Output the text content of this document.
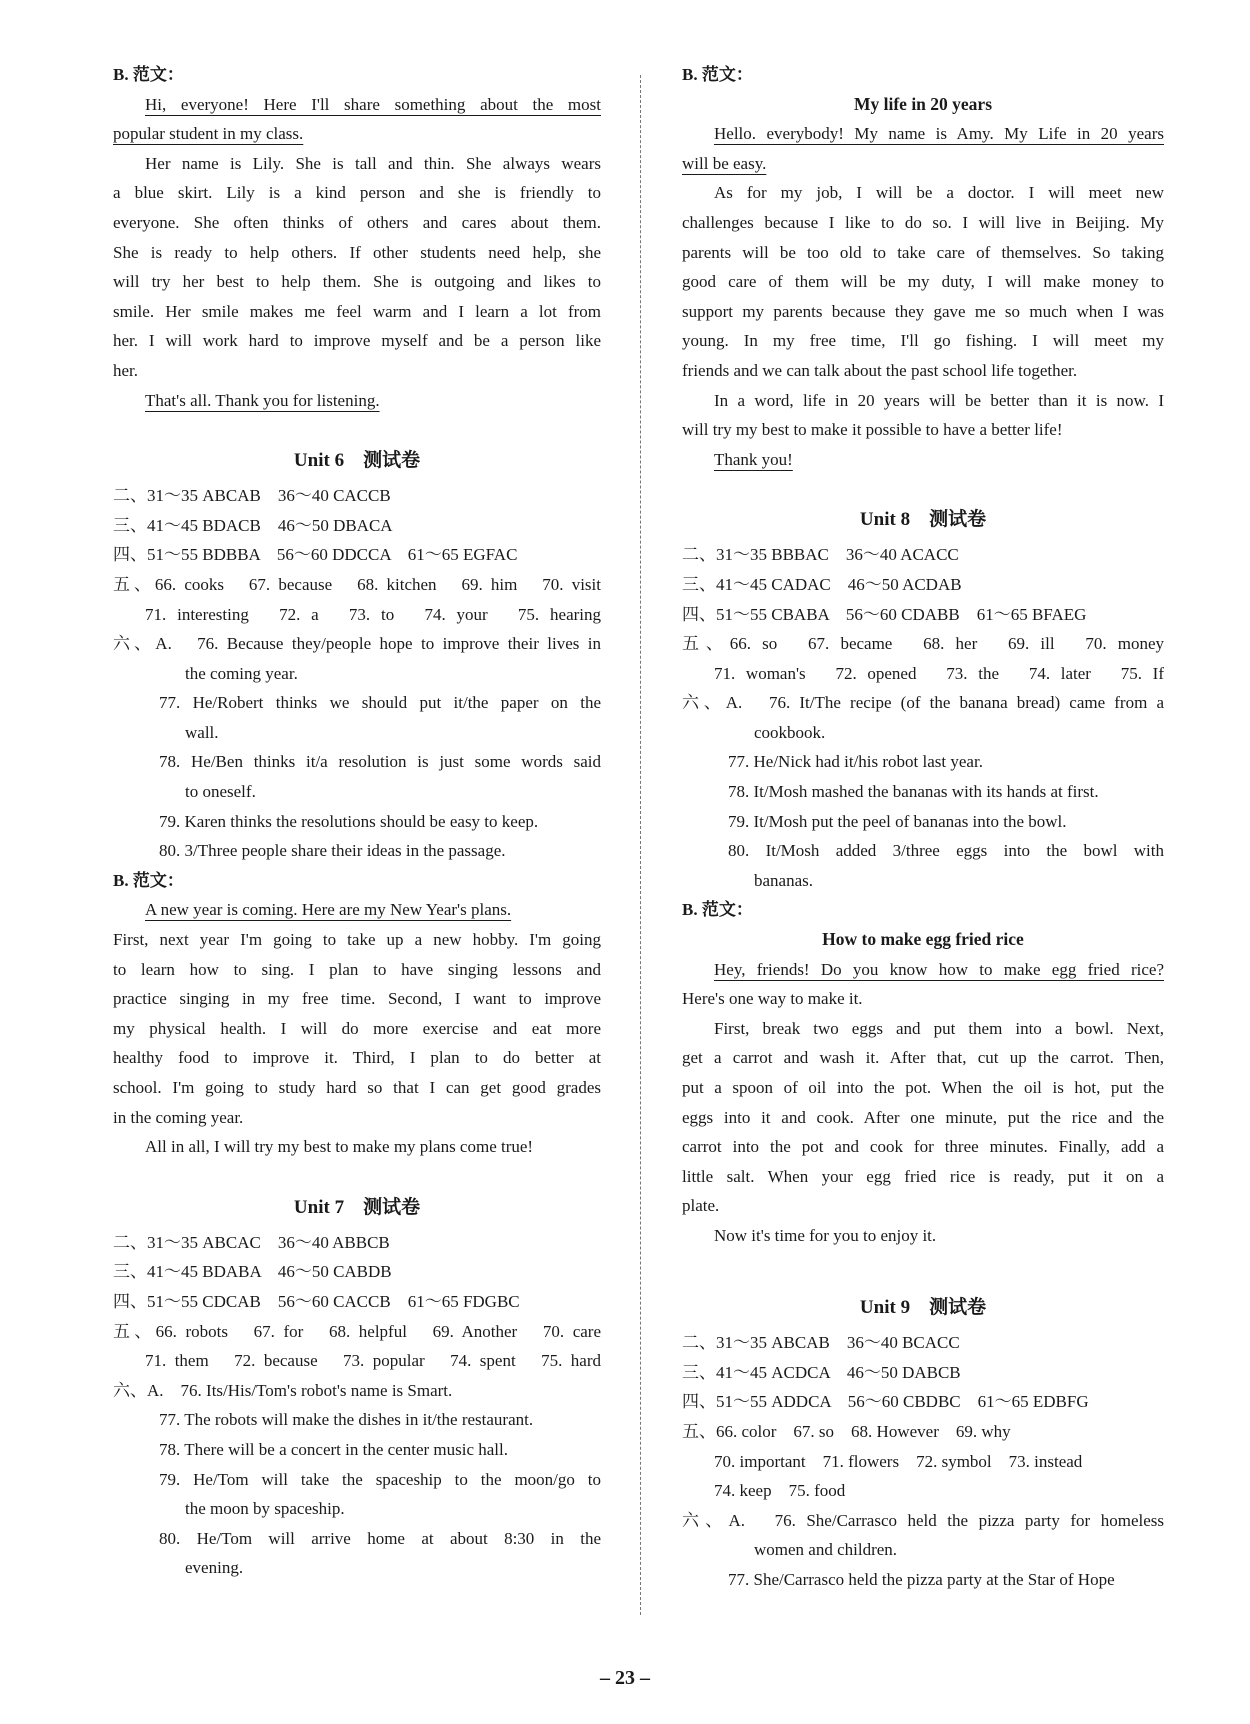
B. 范文：
Hi, everyone! Here I'll share something about the most
popular student in my class.
Her name is Lily. She is tall and thin. She always wears
a blue skirt. Lily is a kind person and she is friendly to
everyone. She often thinks of others and cares about them.
She is ready to help others. If other students need help, she
will try her best to help them. She is outgoing and likes to
smile. Her smile makes me feel warm and I learn a lot from
her. I will work hard to improve myself and be a person like
her.
That's all. Thank you for listening.
Unit 6　测试卷
二、31～35 ABCAB　36～40 CACCB
三、41～45 BDACB　46～50 DBACA
四、51～55 BDBBA　56～60 DDCCA　61～65 EGFAC
五、66. cooks　67. because　68. kitchen　69. him　70. visit
71. interesting　72. a　73. to　74. your　75. hearing
六、A.　76. Because they/people hope to improve their lives in
the coming year.
77. He/Robert thinks we should put it/the paper on the
wall.
78. He/Ben thinks it/a resolution is just some words said
to oneself.
79. Karen thinks the resolutions should be easy to keep.
80. 3/Three people share their ideas in the passage.
B. 范文：
A new year is coming. Here are my New Year's plans.
First, next year I'm going to take up a new hobby. I'm going
to learn how to sing. I plan to have singing lessons and
practice singing in my free time. Second, I want to improve
my physical health. I will do more exercise and eat more
healthy food to improve it. Third, I plan to do better at
school. I'm going to study hard so that I can get good grades
in the coming year.
All in all, I will try my best to make my plans come true!
Unit 7　测试卷
二、31～35 ABCAC　36～40 ABBCB
三、41～45 BDABA　46～50 CABDB
四、51～55 CDCAB　56～60 CACCB　61～65 FDGBC
五、66. robots　67. for　68. helpful　69. Another　70. care
71. them　72. because　73. popular　74. spent　75. hard
六、A.　76. Its/His/Tom's robot's name is Smart.
77. The robots will make the dishes in it/the restaurant.
78. There will be a concert in the center music hall.
79. He/Tom will take the spaceship to the moon/go to
the moon by spaceship.
80. He/Tom will arrive home at about 8:30 in the
evening.
B. 范文：
My life in 20 years
Hello. everybody! My name is Amy. My Life in 20 years
will be easy.
As for my job, I will be a doctor. I will meet new
challenges because I like to do so. I will live in Beijing. My
parents will be too old to take care of themselves. So taking
good care of them will be my duty, I will make money to
support my parents because they gave me so much when I was
young. In my free time, I'll go fishing. I will meet my
friends and we can talk about the past school life together.
In a word, life in 20 years will be better than it is now. I
will try my best to make it possible to have a better life!
Thank you!
Unit 8　测试卷
二、31～35 BBBAC　36～40 ACACC
三、41～45 CADAC　46～50 ACDAB
四、51～55 CBABA　56～60 CDABB　61～65 BFAEG
五、66. so　67. became　68. her　69. ill　70. money
71. woman's　72. opened　73. the　74. later　75. If
六、A.　76. It/The recipe (of the banana bread) came from a
cookbook.
77. He/Nick had it/his robot last year.
78. It/Mosh mashed the bananas with its hands at first.
79. It/Mosh put the peel of bananas into the bowl.
80. It/Mosh added 3/three eggs into the bowl with
bananas.
B. 范文：
How to make egg fried rice
Hey, friends! Do you know how to make egg fried rice?
Here's one way to make it.
First, break two eggs and put them into a bowl. Next,
get a carrot and wash it. After that, cut up the carrot. Then,
put a spoon of oil into the pot. When the oil is hot, put the
eggs into it and cook. After one minute, put the rice and the
carrot into the pot and cook for three minutes. Finally, add a
little salt. When your egg fried rice is ready, put it on a
plate.
Now it's time for you to enjoy it.
Unit 9　测试卷
二、31～35 ABCAB　36～40 BCACC
三、41～45 ACDCA　46～50 DABCB
四、51～55 ADDCA　56～60 CBDBC　61～65 EDBFG
五、66. color　67. so　68. However　69. why
70. important　71. flowers　72. symbol　73. instead
74. keep　75. food
六、A.　76. She/Carrasco held the pizza party for homeless
women and children.
77. She/Carrasco held the pizza party at the Star of Hope
– 23 –
